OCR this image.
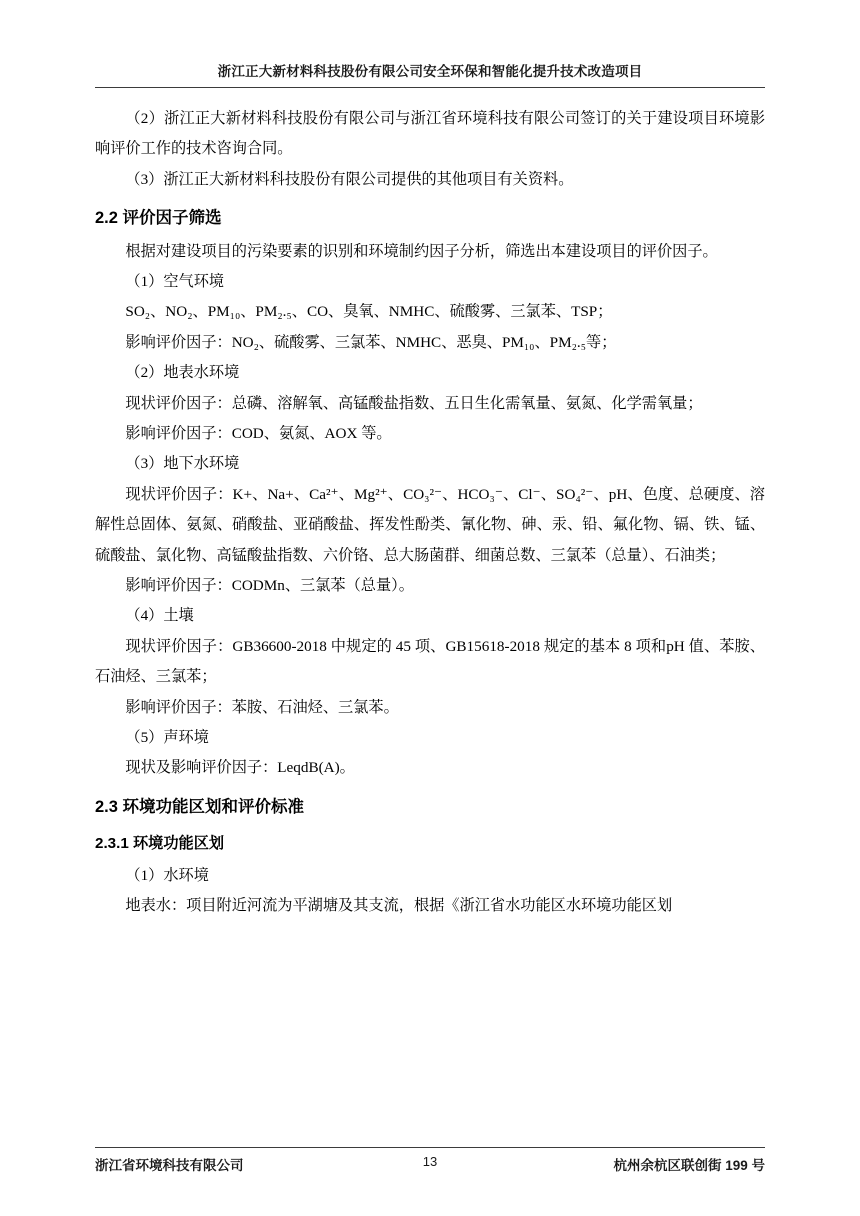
浙江正大新材料科技股份有限公司安全环保和智能化提升技术改造项目

（2）浙江正大新材料科技股份有限公司与浙江省环境科技有限公司签订的关于建设项目环境影响评价工作的技术咨询合同。

（3）浙江正大新材料科技股份有限公司提供的其他项目有关资料。

2.2 评价因子筛选

根据对建设项目的污染要素的识别和环境制约因子分析，筛选出本建设项目的评价因子。

（1）空气环境

SO₂、NO₂、PM₁₀、PM₂.₅、CO、臭氧、NMHC、硫酸雾、三氯苯、TSP；

影响评价因子：NO₂、硫酸雾、三氯苯、NMHC、恶臭、PM₁₀、PM₂.₅等；

（2）地表水环境

现状评价因子：总磷、溶解氧、高锰酸盐指数、五日生化需氧量、氨氮、化学需氧量；

影响评价因子：COD、氨氮、AOX 等。

（3）地下水环境

现状评价因子：K+、Na+、Ca²⁺、Mg²⁺、CO₃²⁻、HCO₃⁻、Cl⁻、SO₄²⁻、pH、色度、总硬度、溶解性总固体、氨氮、硝酸盐、亚硝酸盐、挥发性酚类、氰化物、砷、汞、铅、氟化物、镉、铁、锰、硫酸盐、氯化物、高锰酸盐指数、六价铬、总大肠菌群、细菌总数、三氯苯（总量）、石油类；

影响评价因子：CODMn、三氯苯（总量）。

（4）土壤

现状评价因子：GB36600-2018 中规定的 45 项、GB15618-2018 规定的基本 8 项和pH 值、苯胺、石油烃、三氯苯；

影响评价因子：苯胺、石油烃、三氯苯。

（5）声环境

现状及影响评价因子：LeqdB(A)。

2.3 环境功能区划和评价标准
2.3.1 环境功能区划

（1）水环境

地表水：项目附近河流为平湖塘及其支流，根据《浙江省水功能区水环境功能区划

浙江省环境科技有限公司	13	杭州余杭区联创街 199 号
